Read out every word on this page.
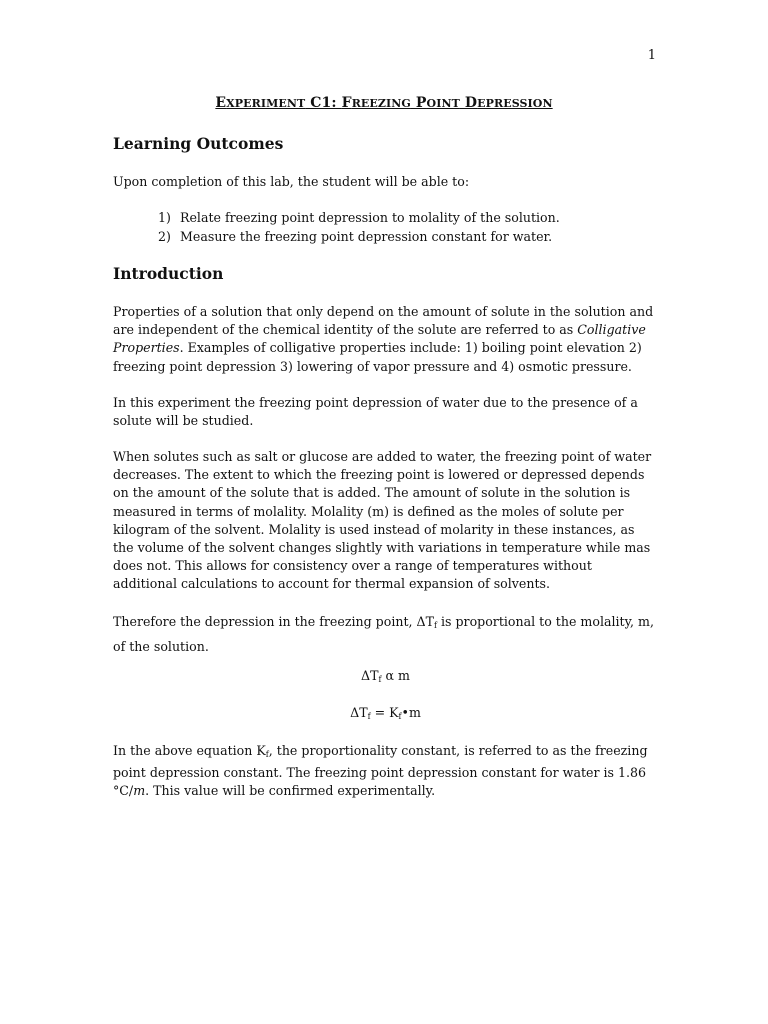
1
EXPERIMENT C1: FREEZING POINT DEPRESSION
Learning Outcomes

Upon completion of this lab, the student will be able to:

1) Relate freezing point depression to molality of the solution.
2) Measure the freezing point depression constant for water.
Introduction

Properties of a solution that only depend on the amount of solute in the solution and are independent of the chemical identity of the solute are referred to as Colligative Properties. Examples of colligative properties include: 1) boiling point elevation 2) freezing point depression 3) lowering of vapor pressure and 4) osmotic pressure.

In this experiment the freezing point depression of water due to the presence of a solute will be studied.

When solutes such as salt or glucose are added to water, the freezing point of water decreases. The extent to which the freezing point is lowered or depressed depends on the amount of the solute that is added. The amount of solute in the solution is measured in terms of molality. Molality (m) is defined as the moles of solute per kilogram of the solvent. Molality is used instead of molarity in these instances, as the volume of the solvent changes slightly with variations in temperature while mas does not. This allows for consistency over a range of temperatures without additional calculations to account for thermal expansion of solvents.

Therefore the depression in the freezing point, $\Delta T_f$ is proportional to the molality, m, of the solution.

$\Delta T_f$ α m
$\Delta T_f$ = $K_f•m$

In the above equation $K_f$, the proportionality constant, is referred to as the freezing point depression constant. The freezing point depression constant for water is 1.86 °C/m. This value will be confirmed experimentally.
